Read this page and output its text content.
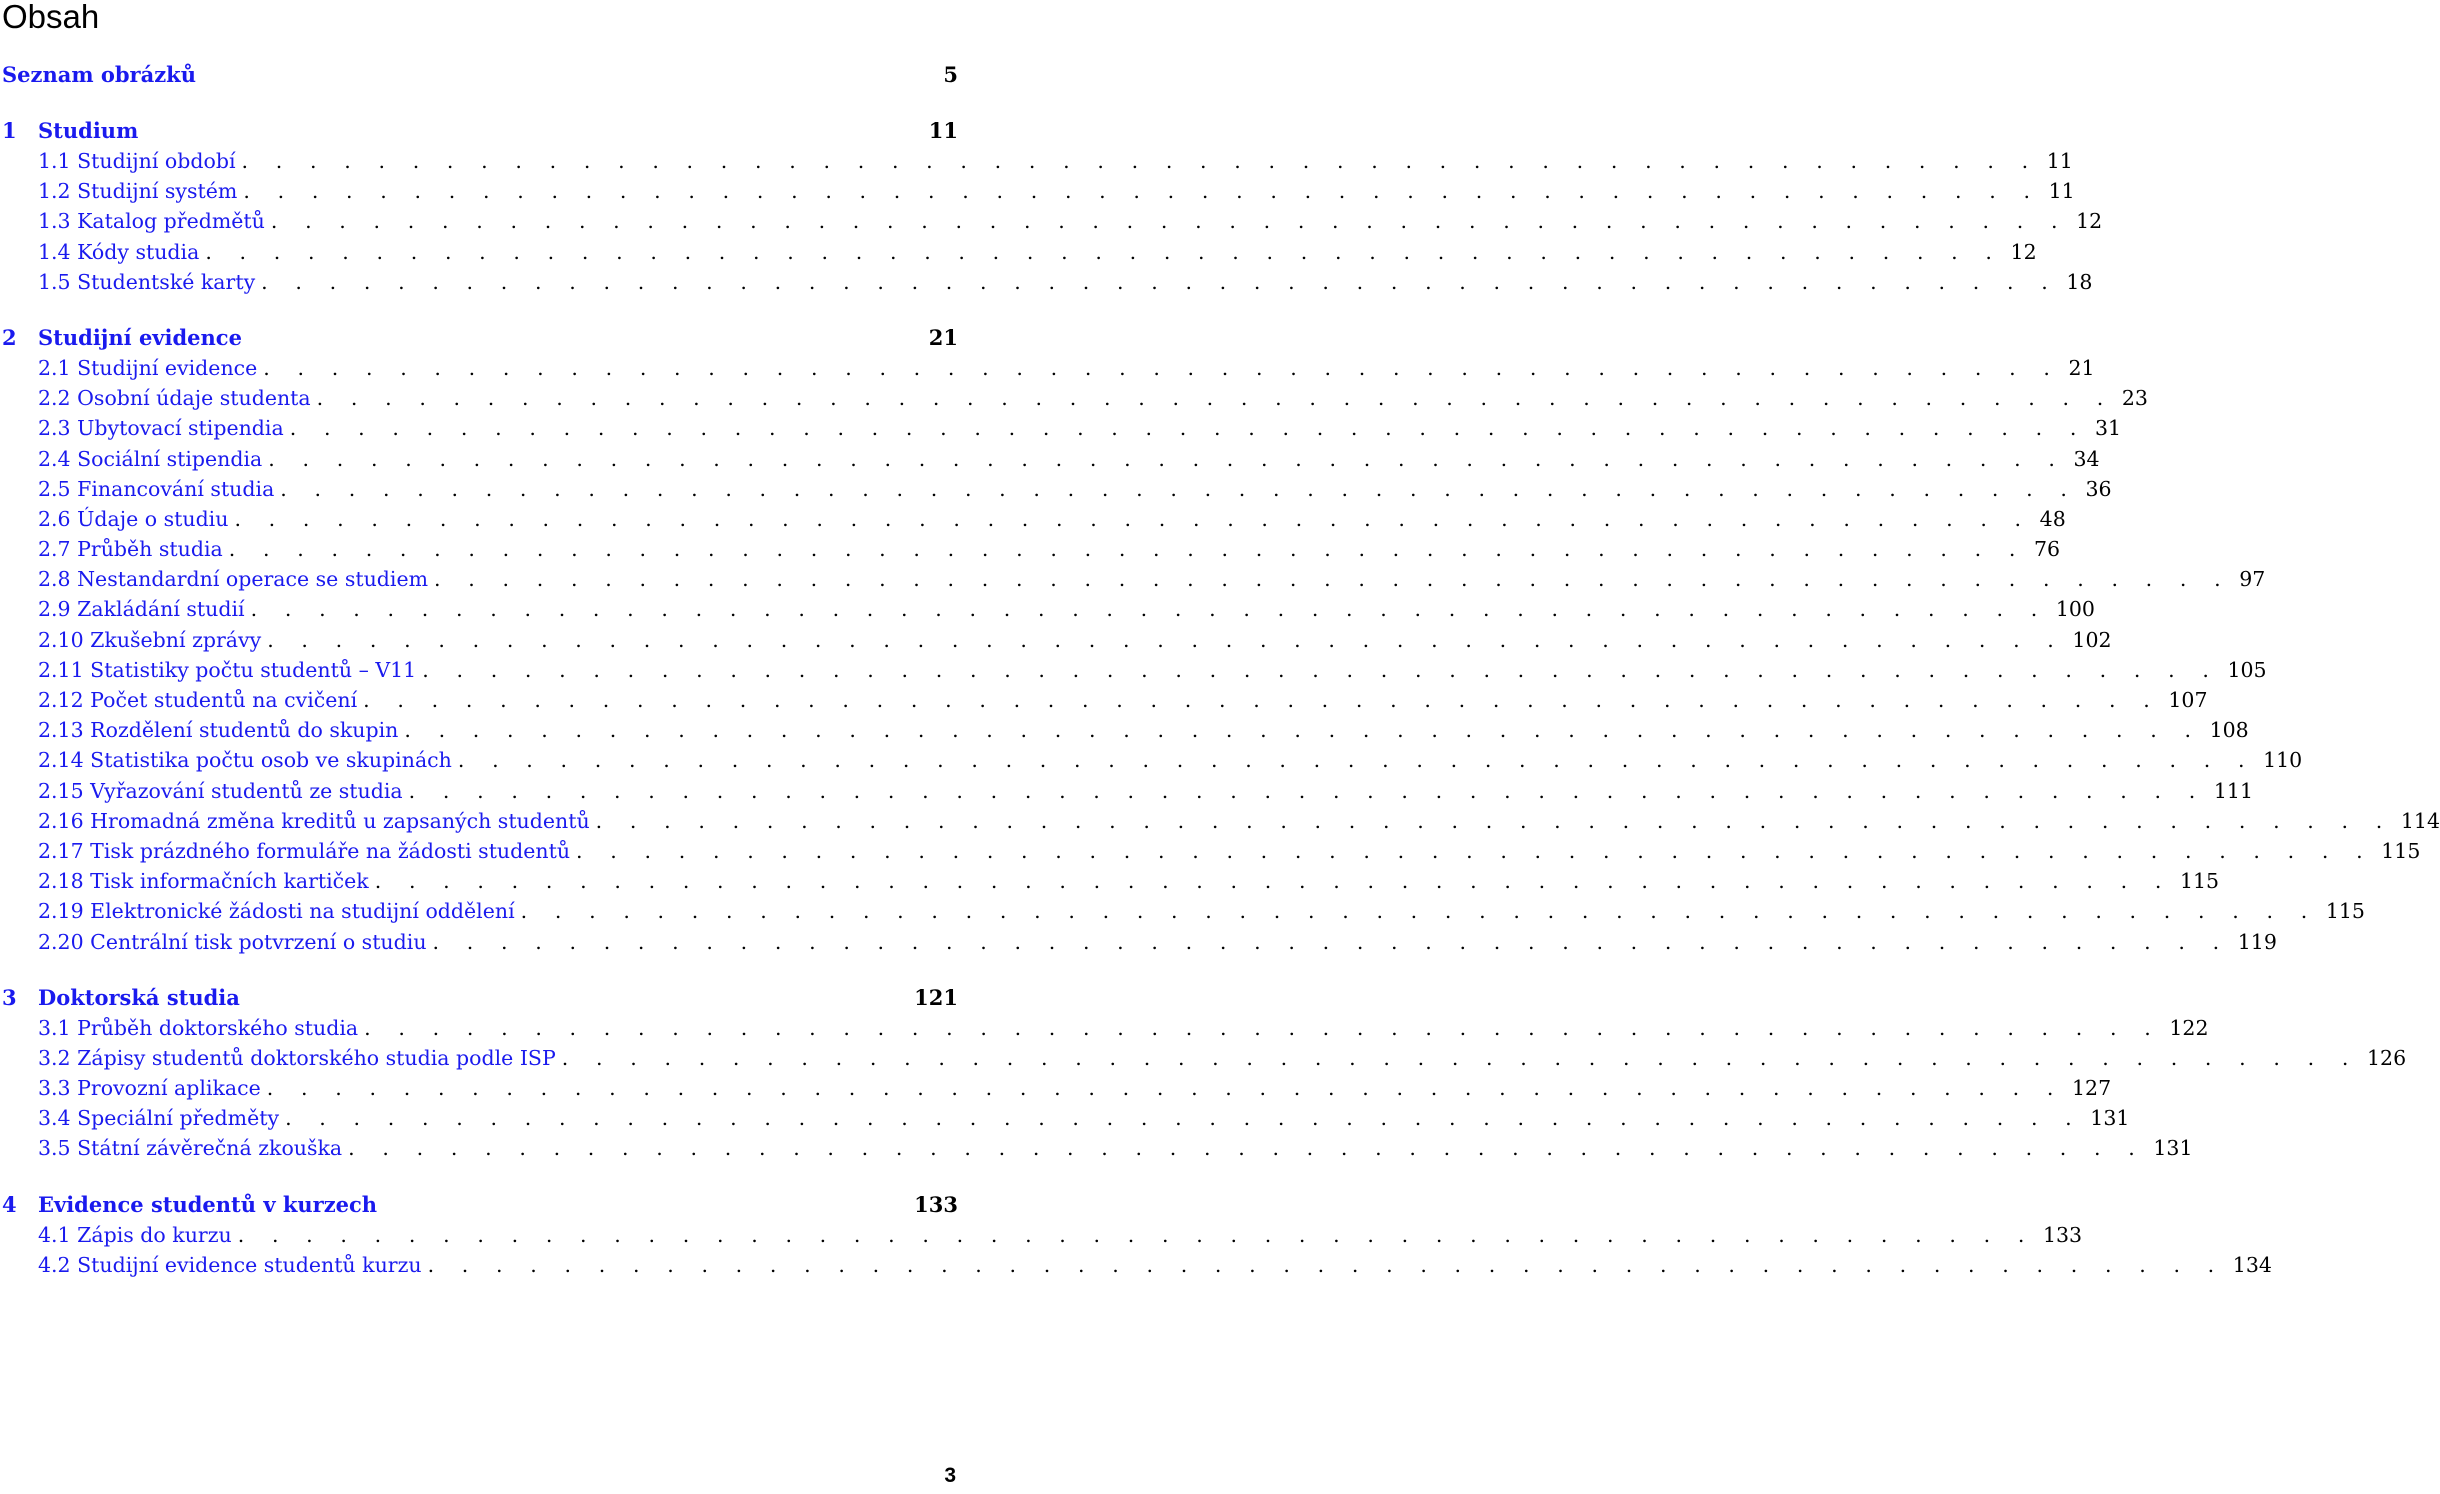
Obsah
Seznam obrázků	5
1	Studium	11
1.1 Studijní období . . . . . . . . . . . . . . . . . . . . . . . . . . . . . . . . . . . . . . . . . . . . . . . . . . . . . 11
1.2 Studijní systém . . . . . . . . . . . . . . . . . . . . . . . . . . . . . . . . . . . . . . . . . . . . . . . . . . . . . 11
1.3 Katalog předmětů . . . . . . . . . . . . . . . . . . . . . . . . . . . . . . . . . . . . . . . . . . . . . . . . . . . . . 12
1.4 Kódy studia . . . . . . . . . . . . . . . . . . . . . . . . . . . . . . . . . . . . . . . . . . . . . . . . . . . . . 12
1.5 Studentské karty . . . . . . . . . . . . . . . . . . . . . . . . . . . . . . . . . . . . . . . . . . . . . . . . . . . . . 18
2	Studijní evidence	21
2.1 Studijní evidence . . . . . . . . . . . . . . . . . . . . . . . . . . . . . . . . . . . . . . . . . . . . . . . . . . . . . 21
2.2 Osobní údaje studenta . . . . . . . . . . . . . . . . . . . . . . . . . . . . . . . . . . . . . . . . . . . . . . . . . . . . . 23
2.3 Ubytovací stipendia . . . . . . . . . . . . . . . . . . . . . . . . . . . . . . . . . . . . . . . . . . . . . . . . . . . . . 31
2.4 Sociální stipendia . . . . . . . . . . . . . . . . . . . . . . . . . . . . . . . . . . . . . . . . . . . . . . . . . . . . . 34
2.5 Financování studia . . . . . . . . . . . . . . . . . . . . . . . . . . . . . . . . . . . . . . . . . . . . . . . . . . . . . 36
2.6 Údaje o studiu . . . . . . . . . . . . . . . . . . . . . . . . . . . . . . . . . . . . . . . . . . . . . . . . . . . . . 48
2.7 Průběh studia . . . . . . . . . . . . . . . . . . . . . . . . . . . . . . . . . . . . . . . . . . . . . . . . . . . . . 76
2.8 Nestandardní operace se studiem . . . . . . . . . . . . . . . . . . . . . . . . . . . . . . . . . . . . . . . . . . . . . . . . . . . . . 97
2.9 Zakládání studií . . . . . . . . . . . . . . . . . . . . . . . . . . . . . . . . . . . . . . . . . . . . . . . . . . . . . 100
2.10 Zkušební zprávy . . . . . . . . . . . . . . . . . . . . . . . . . . . . . . . . . . . . . . . . . . . . . . . . . . . . . 102
2.11 Statistiky počtu studentů – V11 . . . . . . . . . . . . . . . . . . . . . . . . . . . . . . . . . . . . . . . . . . . . . . . . . . . . . 105
2.12 Počet studentů na cvičení . . . . . . . . . . . . . . . . . . . . . . . . . . . . . . . . . . . . . . . . . . . . . . . . . . . . . 107
2.13 Rozdělení studentů do skupin . . . . . . . . . . . . . . . . . . . . . . . . . . . . . . . . . . . . . . . . . . . . . . . . . . . . . 108
2.14 Statistika počtu osob ve skupinách . . . . . . . . . . . . . . . . . . . . . . . . . . . . . . . . . . . . . . . . . . . . . . . . . . . . . 110
2.15 Vyřazování studentů ze studia . . . . . . . . . . . . . . . . . . . . . . . . . . . . . . . . . . . . . . . . . . . . . . . . . . . . . 111
2.16 Hromadná změna kreditů u zapsaných studentů . . . . . . . . . . . . . . . . . . . . . . . . . . . . . . . . . . . . . . . . . . . . . . . . . . . . . 114
2.17 Tisk prázdného formuláře na žádosti studentů . . . . . . . . . . . . . . . . . . . . . . . . . . . . . . . . . . . . . . . . . . . . . . . . . . . . . 115
2.18 Tisk informačních kartiček . . . . . . . . . . . . . . . . . . . . . . . . . . . . . . . . . . . . . . . . . . . . . . . . . . . . . 115
2.19 Elektronické žádosti na studijní oddělení . . . . . . . . . . . . . . . . . . . . . . . . . . . . . . . . . . . . . . . . . . . . . . . . . . . . . 115
2.20 Centrální tisk potvrzení o studiu . . . . . . . . . . . . . . . . . . . . . . . . . . . . . . . . . . . . . . . . . . . . . . . . . . . . . 119
3	Doktorská studia	121
3.1 Průběh doktorského studia . . . . . . . . . . . . . . . . . . . . . . . . . . . . . . . . . . . . . . . . . . . . . . . . . . . . . 122
3.2 Zápisy studentů doktorského studia podle ISP . . . . . . . . . . . . . . . . . . . . . . . . . . . . . . . . . . . . . . . . . . . . . . . . . . . . . 126
3.3 Provozní aplikace . . . . . . . . . . . . . . . . . . . . . . . . . . . . . . . . . . . . . . . . . . . . . . . . . . . . . 127
3.4 Speciální předměty . . . . . . . . . . . . . . . . . . . . . . . . . . . . . . . . . . . . . . . . . . . . . . . . . . . . . 131
3.5 Státní závěrečná zkouška . . . . . . . . . . . . . . . . . . . . . . . . . . . . . . . . . . . . . . . . . . . . . . . . . . . . . 131
4	Evidence studentů v kurzech	133
4.1 Zápis do kurzu . . . . . . . . . . . . . . . . . . . . . . . . . . . . . . . . . . . . . . . . . . . . . . . . . . . . . 133
4.2 Studijní evidence studentů kurzu . . . . . . . . . . . . . . . . . . . . . . . . . . . . . . . . . . . . . . . . . . . . . . . . . . . . . 134
3
